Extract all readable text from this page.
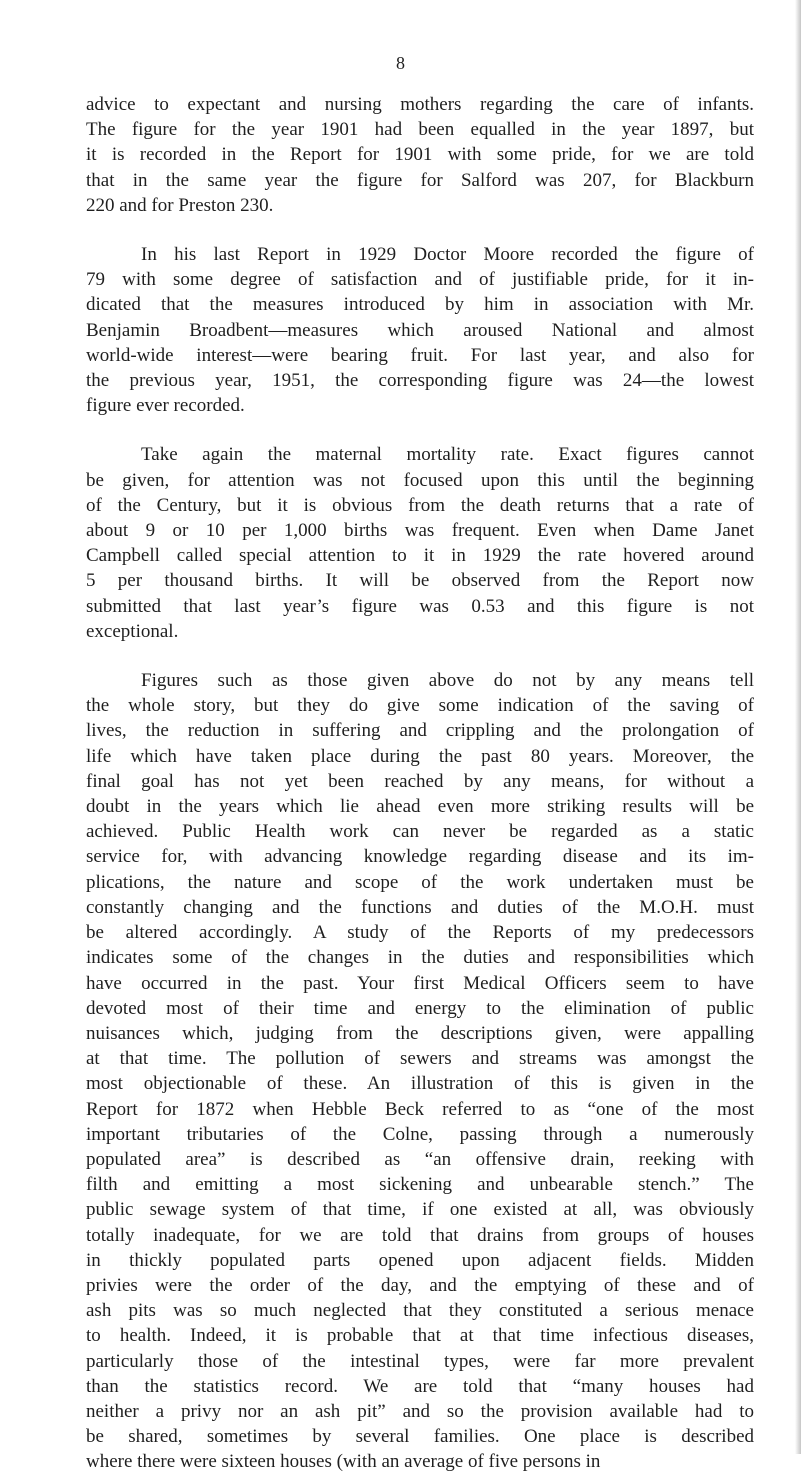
8

advice to expectant and nursing mothers regarding the care of infants.
The figure for the year 1901 had been equalled in the year 1897, but
it is recorded in the Report for 1901 with some pride, for we are told
that in the same year the figure for Salford was 207, for Blackburn
220 and for Preston 230.

In his last Report in 1929 Doctor Moore recorded the figure of
79 with some degree of satisfaction and of justifiable pride, for it in-
dicated that the measures introduced by him in association with Mr.
Benjamin Broadbent—measures which aroused National and almost
world-wide interest—were bearing fruit. For last year, and also for
the previous year, 1951, the corresponding figure was 24—the lowest
figure ever recorded.

Take again the maternal mortality rate. Exact figures cannot
be given, for attention was not focused upon this until the beginning
of the Century, but it is obvious from the death returns that a rate of
about 9 or 10 per 1,000 births was frequent. Even when Dame Janet
Campbell called special attention to it in 1929 the rate hovered around
5 per thousand births. It will be observed from the Report now
submitted that last year’s figure was 0.53 and this figure is not
exceptional.

Figures such as those given above do not by any means tell
the whole story, but they do give some indication of the saving of
lives, the reduction in suffering and crippling and the prolongation of
life which have taken place during the past 80 years. Moreover, the
final goal has not yet been reached by any means, for without a
doubt in the years which lie ahead even more striking results will be
achieved. Public Health work can never be regarded as a static
service for, with advancing knowledge regarding disease and its im-
plications, the nature and scope of the work undertaken must be
constantly changing and the functions and duties of the M.O.H. must
be altered accordingly. A study of the Reports of my predecessors
indicates some of the changes in the duties and responsibilities which
have occurred in the past. Your first Medical Officers seem to have
devoted most of their time and energy to the elimination of public
nuisances which, judging from the descriptions given, were appalling
at that time. The pollution of sewers and streams was amongst the
most objectionable of these. An illustration of this is given in the
Report for 1872 when Hebble Beck referred to as “one of the most
important tributaries of the Colne, passing through a numerously
populated area” is described as “an offensive drain, reeking with
filth and emitting a most sickening and unbearable stench.” The
public sewage system of that time, if one existed at all, was obviously
totally inadequate, for we are told that drains from groups of houses
in thickly populated parts opened upon adjacent fields. Midden
privies were the order of the day, and the emptying of these and of
ash pits was so much neglected that they constituted a serious menace
to health. Indeed, it is probable that at that time infectious diseases,
particularly those of the intestinal types, were far more prevalent
than the statistics record. We are told that “many houses had
neither a privy nor an ash pit” and so the provision available had to
be shared, sometimes by several families. One place is described
where there were sixteen houses (with an average of five persons in
